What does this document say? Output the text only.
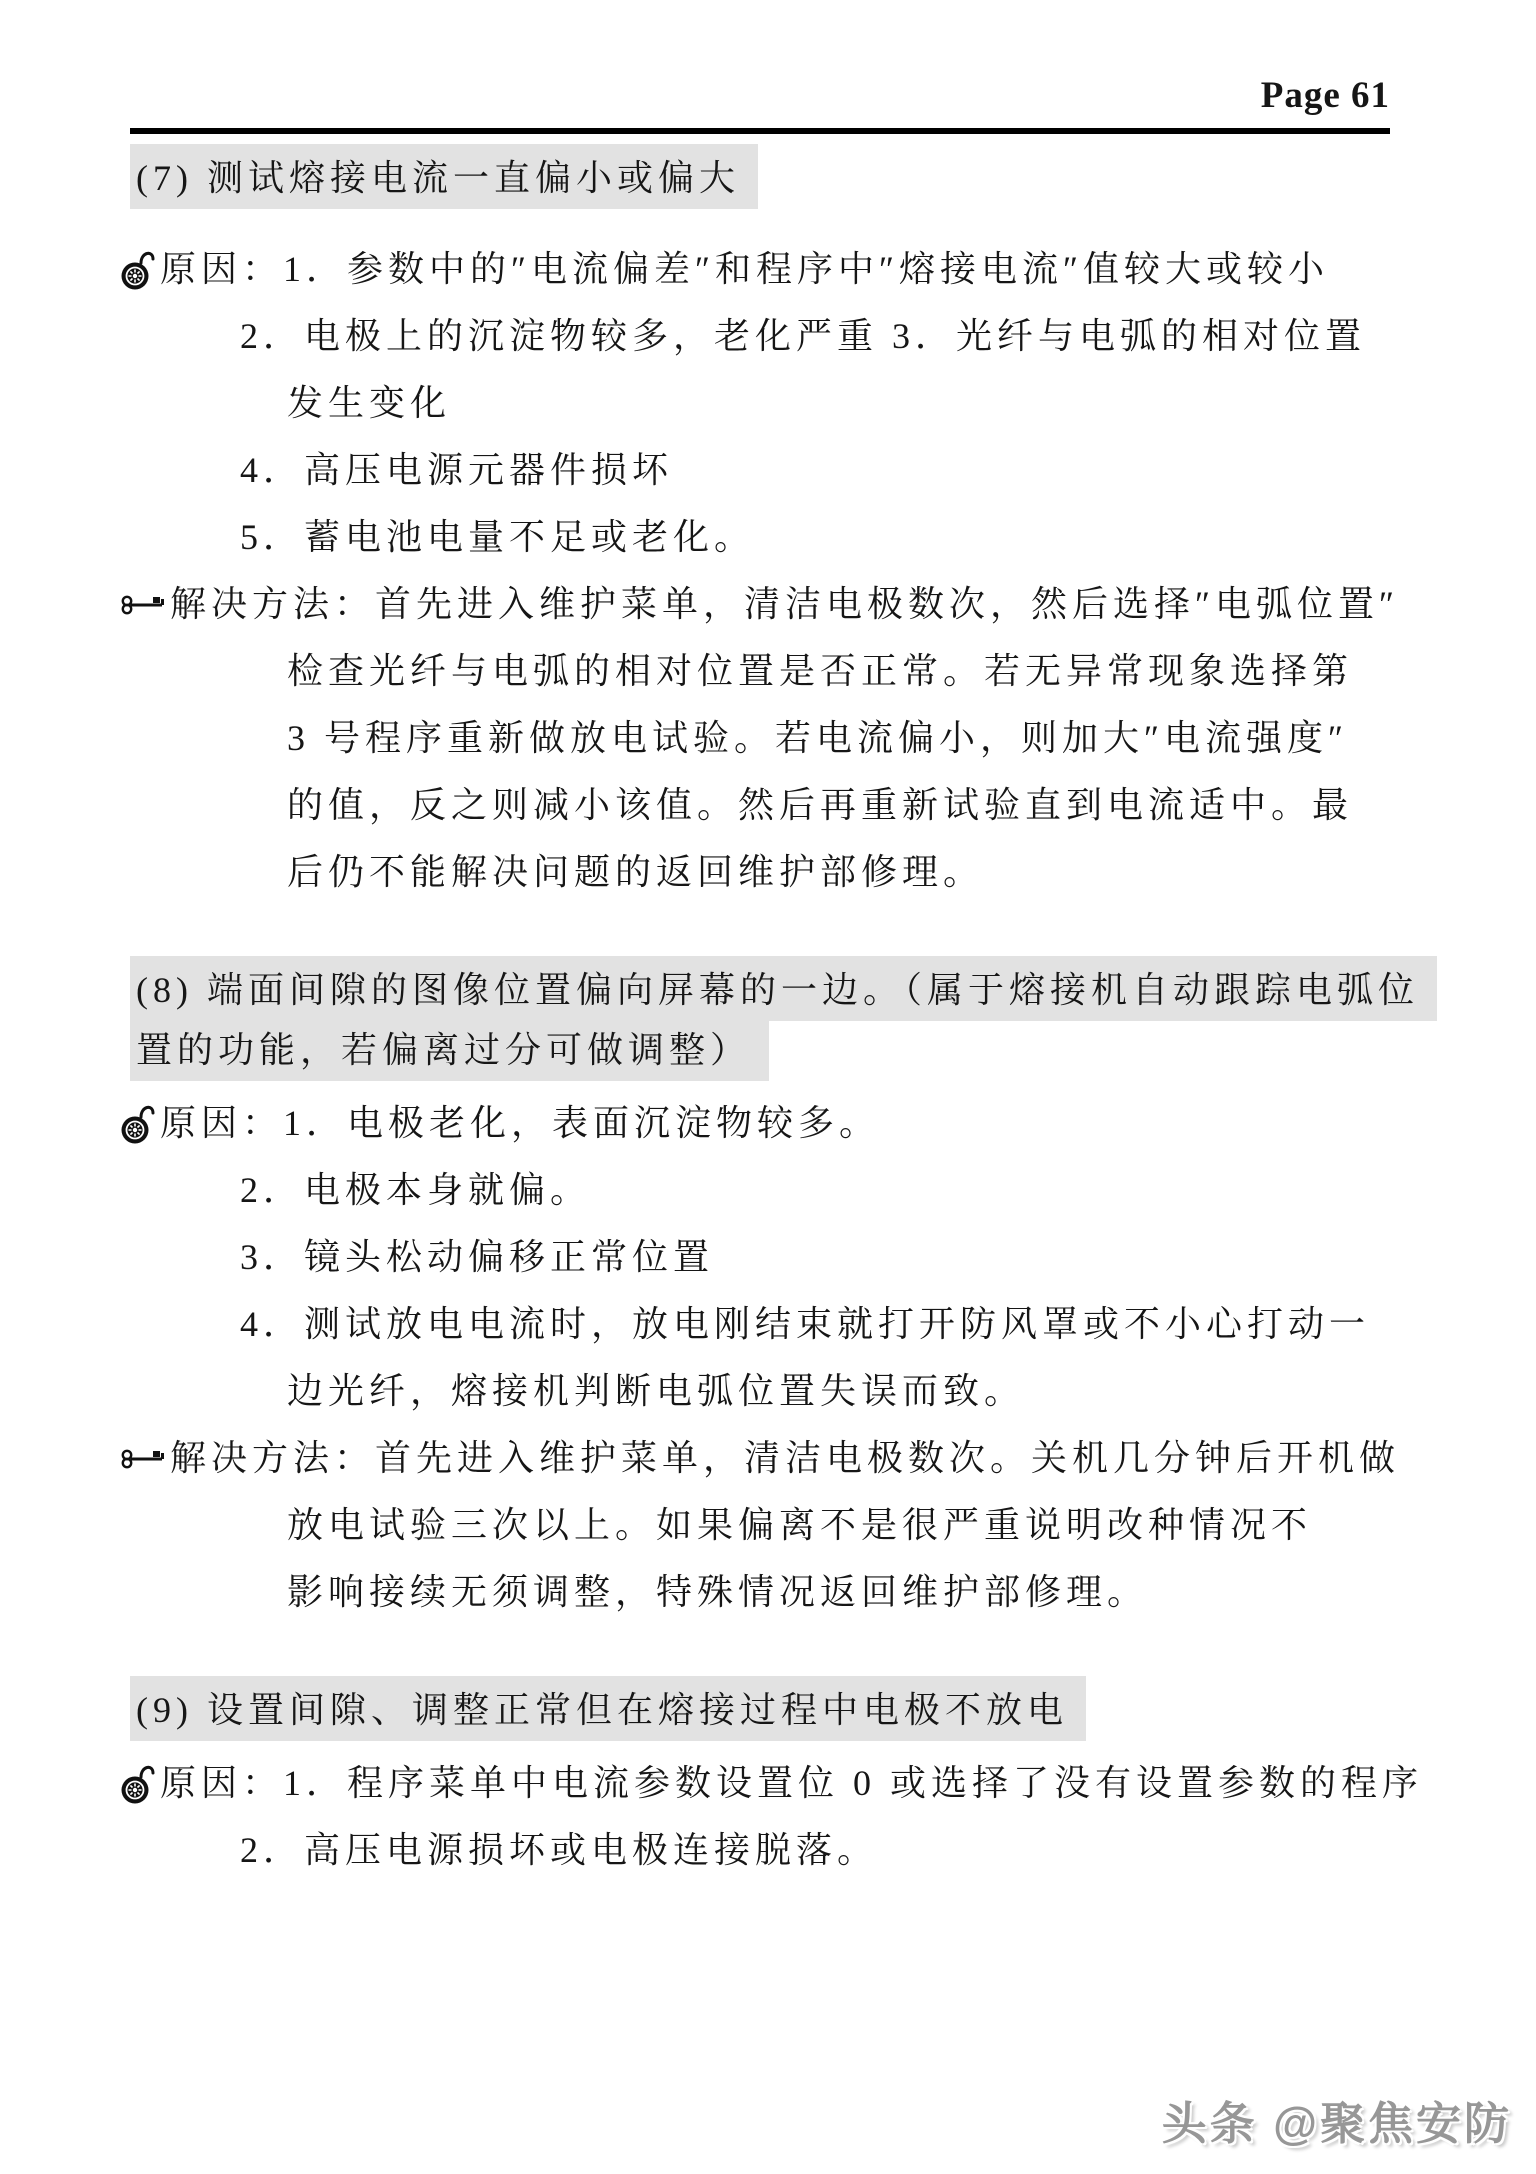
Page 61
(7) 测试熔接电流一直偏小或偏大
原因： 1．参数中的″电流偏差″和程序中″熔接电流″值较大或较小
2．电极上的沉淀物较多，老化严重 3．光纤与电弧的相对位置
发生变化
4．高压电源元器件损坏
5．蓄电池电量不足或老化。
解决方法： 首先进入维护菜单，清洁电极数次，然后选择″电弧位置″
检查光纤与电弧的相对位置是否正常。若无异常现象选择第
3 号程序重新做放电试验。若电流偏小，则加大″电流强度″
的值，反之则减小该值。然后再重新试验直到电流适中。最
后仍不能解决问题的返回维护部修理。
(8) 端面间隙的图像位置偏向屏幕的一边。（属于熔接机自动跟踪电弧位
置的功能，若偏离过分可做调整）
原因： 1．电极老化，表面沉淀物较多。
2．电极本身就偏。
3．镜头松动偏移正常位置
4．测试放电电流时，放电刚结束就打开防风罩或不小心打动一
边光纤，熔接机判断电弧位置失误而致。
解决方法： 首先进入维护菜单，清洁电极数次。关机几分钟后开机做
放电试验三次以上。如果偏离不是很严重说明改种情况不
影响接续无须调整，特殊情况返回维护部修理。
(9) 设置间隙、调整正常但在熔接过程中电极不放电
原因： 1．程序菜单中电流参数设置位 0 或选择了没有设置参数的程序
2．高压电源损坏或电极连接脱落。
头条 @聚焦安防
